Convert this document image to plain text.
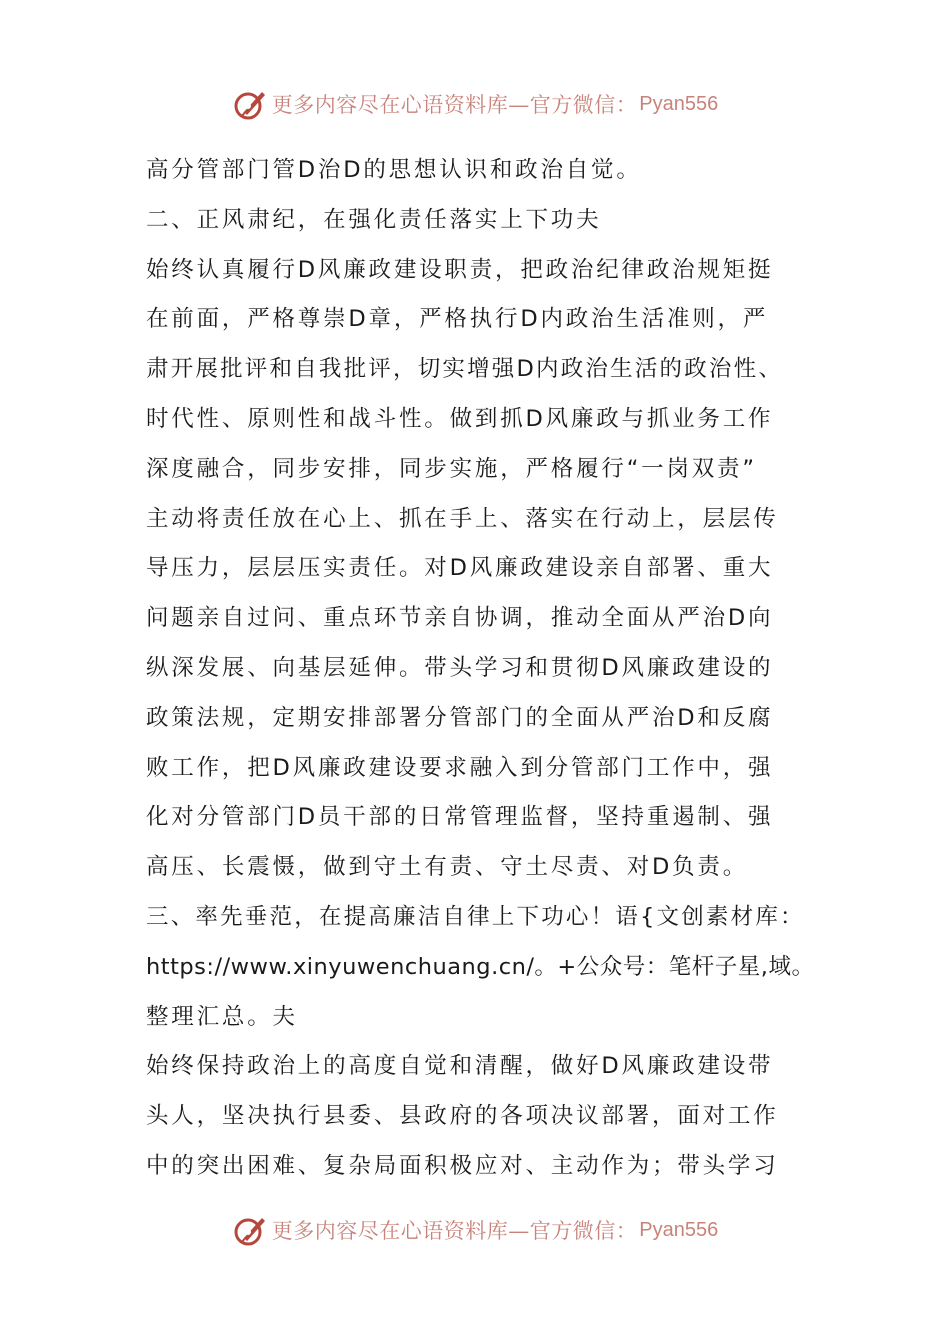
更多内容尽在心语资料库—官方微信： Pyan556
高分管部门管D治D的思想认识和政治自觉。
二、正风肃纪，在强化责任落实上下功夫
始终认真履行D风廉政建设职责，把政治纪律政治规矩挺
在前面，严格尊崇D章，严格执行D内政治生活准则，严
肃开展批评和自我批评，切实增强D内政治生活的政治性、
时代性、原则性和战斗性。做到抓D风廉政与抓业务工作
深度融合，同步安排，同步实施，严格履行“一岗双责”
主动将责任放在心上、抓在手上、落实在行动上，层层传
导压力，层层压实责任。对D风廉政建设亲自部署、重大
问题亲自过问、重点环节亲自协调，推动全面从严治D向
纵深发展、向基层延伸。带头学习和贯彻D风廉政建设的
政策法规，定期安排部署分管部门的全面从严治D和反腐
败工作，把D风廉政建设要求融入到分管部门工作中，强
化对分管部门D员干部的日常管理监督，坚持重遏制、强
高压、长震慑，做到守土有责、守土尽责、对D负责。
三、率先垂范，在提高廉洁自律上下功心！语{文创素材库：
https://www.xinyuwenchuang.cn/。+公众号：笔杆子星,域。
整理汇总。夫
始终保持政治上的高度自觉和清醒，做好D风廉政建设带
头人，坚决执行县委、县政府的各项决议部署，面对工作
中的突出困难、复杂局面积极应对、主动作为；带头学习
更多内容尽在心语资料库—官方微信： Pyan556
